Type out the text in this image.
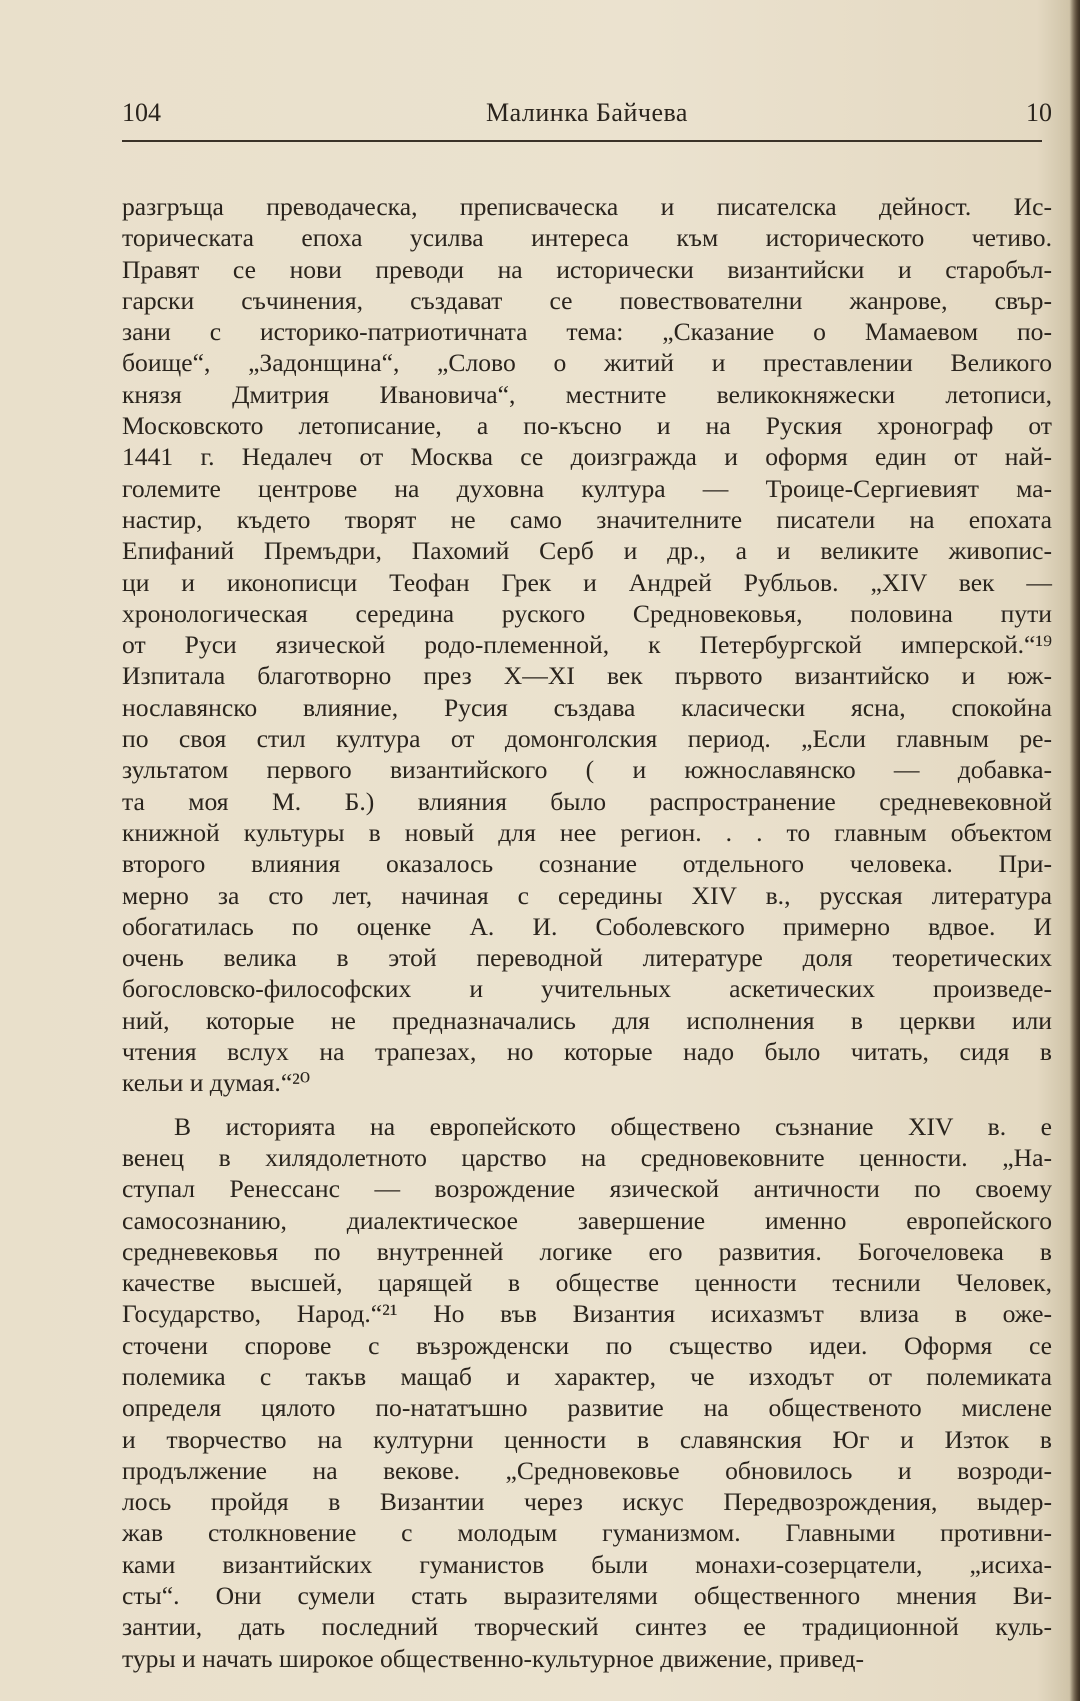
104	Малинка Байчева	10
разгръща преводаческа, преписваческа и писателска дейност. Ис-
торическата епоха усилва интереса към историческото четиво.
Правят се нови преводи на исторически византийски и старобъл-
гарски съчинения, създават се повествователни жанрове, свър-
зани с историко-патриотичната тема: „Сказание о Мамаевом по-
боище“, „Задонщина“, „Слово о житий и преставлении Великого
князя Дмитрия Ивановича“, местните великокняжески летописи,
Московското летописание, а по-късно и на Руския хронограф от
1441 г. Недалеч от Москва се доизгражда и оформя един от най-
големите центрове на духовна култура — Троице-Сергиевият ма-
настир, където творят не само значителните писатели на епохата
Епифаний Премъдри, Пахомий Серб и др., а и великите живопис-
ци и иконописци Теофан Грек и Андрей Рубльов. „XIV век —
хронологическая середина руского Средновековья, половина пути
от Руси язической родо-племенной, к Петербургской имперской.“¹⁹
Изпитала благотворно през X—XI век първото византийско и юж-
нославянско влияние, Русия създава класически ясна, спокойна
по своя стил култура от домонголския период. „Если главным ре-
зультатом первого византийского ( и южнославянско — добавка-
та моя М. Б.) влияния было распространение средневековной
книжной культуры в новый для нее регион. . . то главным объектом
второго влияния оказалось сознание отдельного человека. При-
мерно за сто лет, начиная с середины XIV в., русская литература
обогатилась по оценке А. И. Соболевского примерно вдвое. И
очень велика в этой переводной литературе доля теоретических
богословско-философских и учительных аскетических произведе-
ний, которые не предназначались для исполнения в церкви или
чтения вслух на трапезах, но которые надо было читать, сидя в
кельи и думая.“²⁰
В историята на европейското обществено съзнание XIV в. е
венец в хилядолетното царство на средновековните ценности. „На-
ступал Ренессанс — возрождение язической античности по своему
самосознанию, диалектическое завершение именно европейского
средневековья по внутренней логике его развития. Богочеловека в
качестве высшей, царящей в обществе ценности теснили Человек,
Государство, Народ.“²¹ Но във Византия исихазмът влиза в оже-
сточени спорове с възрожденски по същество идеи. Оформя се
полемика с такъв мащаб и характер, че изходът от полемиката
определя цялото по-нататъшно развитие на общественото мислене
и творчество на културни ценности в славянския Юг и Изток в
продължение на векове. „Средновековье обновилось и возроди-
лось пройдя в Византии через искус Передвозрождения, выдер-
жав столкновение с молодым гуманизмом. Главными противни-
ками византийских гуманистов были монахи-созерцатели, „исиха-
сты“. Они сумели стать выразителями общественного мнения Ви-
зантии, дать последний творческий синтез ее традиционной куль-
туры и начать широкое общественно-культурное движение, привед-
